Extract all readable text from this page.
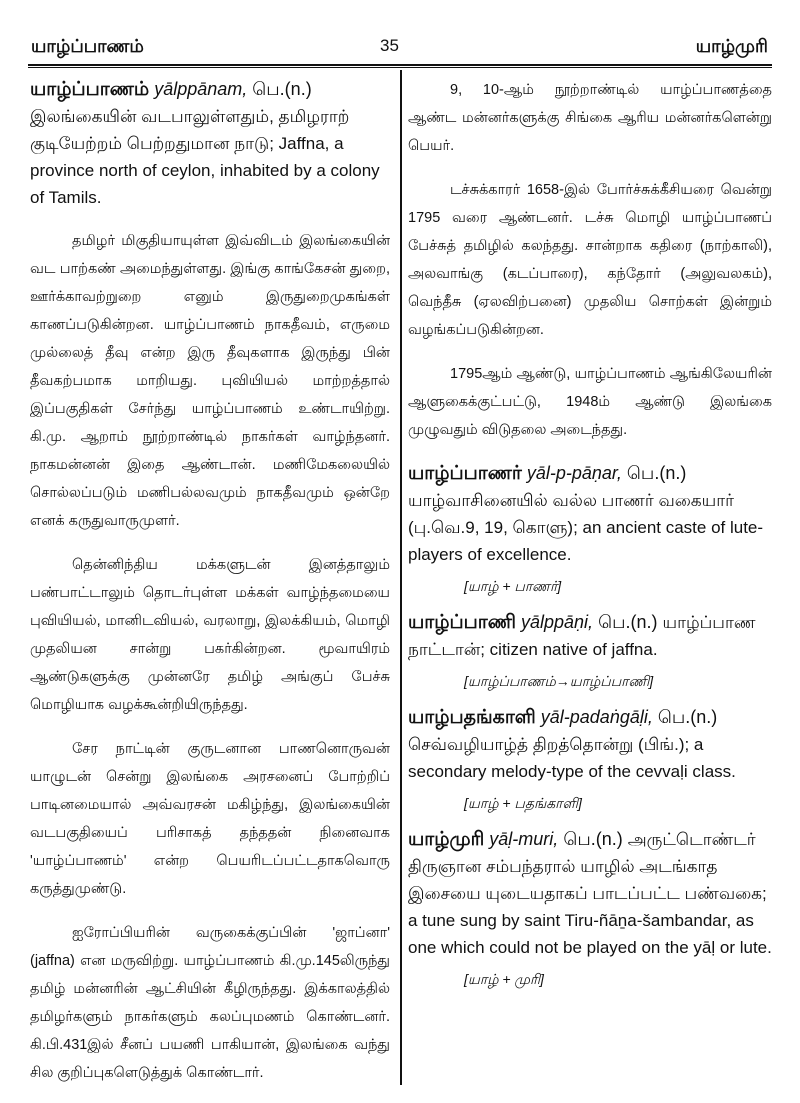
யாழ்ப்பாணம்	35	யாழ்முரி
யாழ்ப்பாணம் yālppānam, பெ.(n.) இலங்கையின் வடபாலுள்ளதும், தமிழராற் குடியேற்றம் பெற்றதுமான நாடு; Jaffna, a province north of ceylon, inhabited by a colony of Tamils.

தமிழர் மிகுதியாயுள்ள இவ்விடம் இலங்கையின் வட பாற்கண் அமைந்துள்ளது. இங்கு காங்கேசன் துறை, ஊர்க்காவற்றுறை எனும் இருதுறைமுகங்கள் காணப்படுகின்றன. யாழ்ப்பாணம் நாகதீவம், எருமை முல்லைத் தீவு என்ற இரு தீவுகளாக இருந்து பின் தீவகற்பமாக மாறியது. புவியியல் மாற்றத்தால் இப்பகுதிகள் சேர்ந்து யாழ்ப்பாணம் உண்டாயிற்று. கி.மு. ஆறாம் நூற்றாண்டில் நாகர்கள் வாழ்ந்தனர். நாகமன்னன் இதை ஆண்டான். மணிமேகலையில் சொல்லப்படும் மணிபல்லவமும் நாகதீவமும் ஒன்றே எனக் கருதுவாருமுளர்.

தென்னிந்திய மக்களுடன் இனத்தாலும் பண்பாட்டாலும் தொடர்புள்ள மக்கள் வாழ்ந்தமையை புவியியல், மானிடவியல், வரலாறு, இலக்கியம், மொழி முதலியன சான்று பகர்கின்றன. மூவாயிரம் ஆண்டுகளுக்கு முன்னரே தமிழ் அங்குப் பேச்சு மொழியாக வழக்கூன்றியிருந்தது.

சேர நாட்டின் குருடனான பாணனொருவன் யாழுடன் சென்று இலங்கை அரசனைப் போற்றிப் பாடினமையால் அவ்வரசன் மகிழ்ந்து, இலங்கையின் வடபகுதியைப் பரிசாகத் தந்ததன் நினைவாக 'யாழ்ப்பாணம்' என்ற பெயரிடப்பட்டதாகவொரு கருத்துமுண்டு.

ஐரோப்பியரின் வருகைக்குப்பின் 'ஜாப்னா' (jaffna) என மருவிற்று. யாழ்ப்பாணம் கி.மு.145லிருந்து தமிழ் மன்னரின் ஆட்சியின் கீழிருந்தது. இக்காலத்தில் தமிழர்களும் நாகர்களும் கலப்புமணம் கொண்டனர். கி.பி.431இல் சீனப் பயணி பாகியான், இலங்கை வந்து சில குறிப்புகளெடுத்துக் கொண்டார்.

9, 10-ஆம் நூற்றாண்டில் யாழ்ப்பாணத்தை ஆண்ட மன்னர்களுக்கு சிங்கை ஆரிய மன்னர்களென்று பெயர்.

டச்சுக்காரர் 1658-இல் போர்ச்சுக்கீசியரை வென்று 1795 வரை ஆண்டனர். டச்சு மொழி யாழ்ப்பாணப் பேச்சுத் தமிழில் கலந்தது. சான்றாக கதிரை (நாற்காலி), அலவாங்கு (கடப்பாரை), கந்தோர் (அலுவலகம்), வெந்தீசு (ஏலவிற்பனை) முதலிய சொற்கள் இன்றும் வழங்கப்படுகின்றன.

1795ஆம் ஆண்டு, யாழ்ப்பாணம் ஆங்கிலேயரின் ஆளுகைக்குட்பட்டு, 1948ம் ஆண்டு இலங்கை முழுவதும் விடுதலை அடைந்தது.

யாழ்ப்பாணர் yāl-p-pāṇar, பெ.(n.) யாழ்வாசினையில் வல்ல பாணர் வகையார் (பு.வெ.9, 19, கொளு); an ancient caste of lute-players of excellence.
[யாழ் + பாணர்]
யாழ்ப்பாணி yālppāṇi, பெ.(n.) யாழ்ப்பாண நாட்டான்; citizen native of jaffna.
[யாழ்ப்பாணம்→யாழ்ப்பாணி]
யாழ்பதங்காளி yāl-padaṅgāḷi, பெ.(n.) செவ்வழியாழ்த் திறத்தொன்று (பிங்.); a secondary melody-type of the cevvaḷi class.
[யாழ் + பதங்காளி]
யாழ்முரி yāḷ-muri, பெ.(n.) அருட்டொண்டர் திருஞான சம்பந்தரால் யாழில் அடங்காத இசையை யுடையதாகப் பாடப்பட்ட பண்வகை; a tune sung by saint Tiru-ñāṉa-šambandar, as one which could not be played on the yāḷ or lute.
[யாழ் + முரி]
